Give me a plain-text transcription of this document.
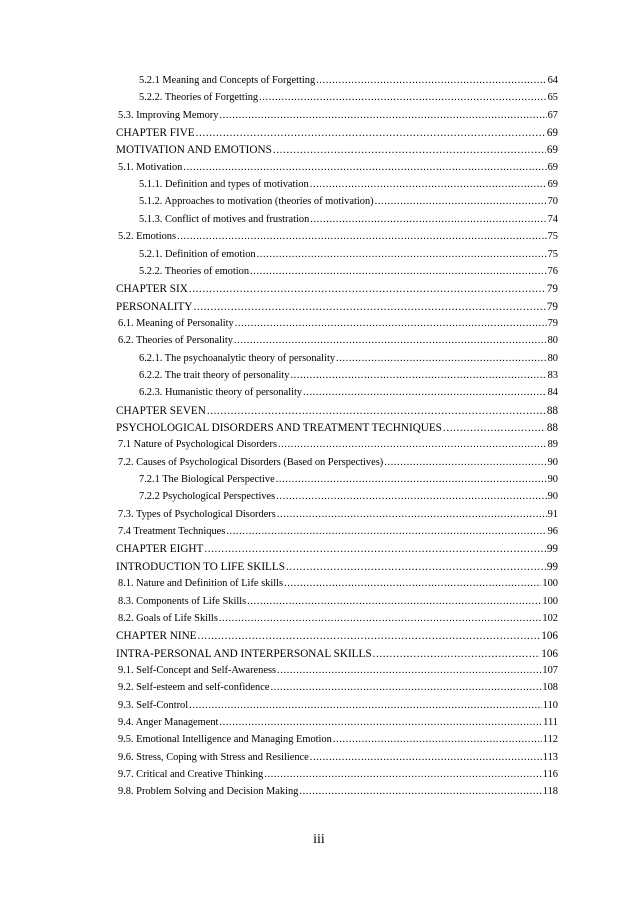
5.2.1 Meaning and Concepts of Forgetting .....	64
5.2.2. Theories of Forgetting .....	65
5.3. Improving Memory .....	67
CHAPTER FIVE .....	69
MOTIVATION AND EMOTIONS .....	69
5.1. Motivation .....	69
5.1.1. Definition and types of motivation .....	69
5.1.2. Approaches to motivation (theories of motivation) .....	70
5.1.3. Conflict of motives and frustration .....	74
5.2. Emotions .....	75
5.2.1. Definition of emotion .....	75
5.2.2. Theories of emotion .....	76
CHAPTER SIX .....	79
PERSONALITY .....	79
6.1. Meaning of Personality .....	79
6.2. Theories of Personality .....	80
6.2.1. The psychoanalytic theory of personality .....	80
6.2.2. The trait theory of personality .....	83
6.2.3. Humanistic theory of personality .....	84
CHAPTER SEVEN .....	88
PSYCHOLOGICAL DISORDERS AND TREATMENT TECHNIQUES .....	88
7.1 Nature of Psychological Disorders .....	89
7.2. Causes of Psychological Disorders (Based on Perspectives) .....	90
7.2.1 The Biological Perspective .....	90
7.2.2 Psychological Perspectives .....	90
7.3. Types of Psychological Disorders .....	91
7.4 Treatment Techniques .....	96
CHAPTER EIGHT .....	99
INTRODUCTION TO LIFE SKILLS .....	99
8.1. Nature and Definition of Life skills .....	100
8.3. Components of Life Skills .....	100
8.2. Goals of Life Skills .....	102
CHAPTER NINE .....	106
INTRA-PERSONAL AND INTERPERSONAL SKILLS .....	106
9.1. Self-Concept and Self-Awareness .....	107
9.2. Self-esteem and self-confidence .....	108
9.3. Self-Control .....	110
9.4. Anger Management .....	111
9.5. Emotional Intelligence and Managing Emotion .....	112
9.6. Stress, Coping with Stress and Resilience .....	113
9.7. Critical and Creative Thinking .....	116
9.8. Problem Solving and Decision Making .....	118
iii
